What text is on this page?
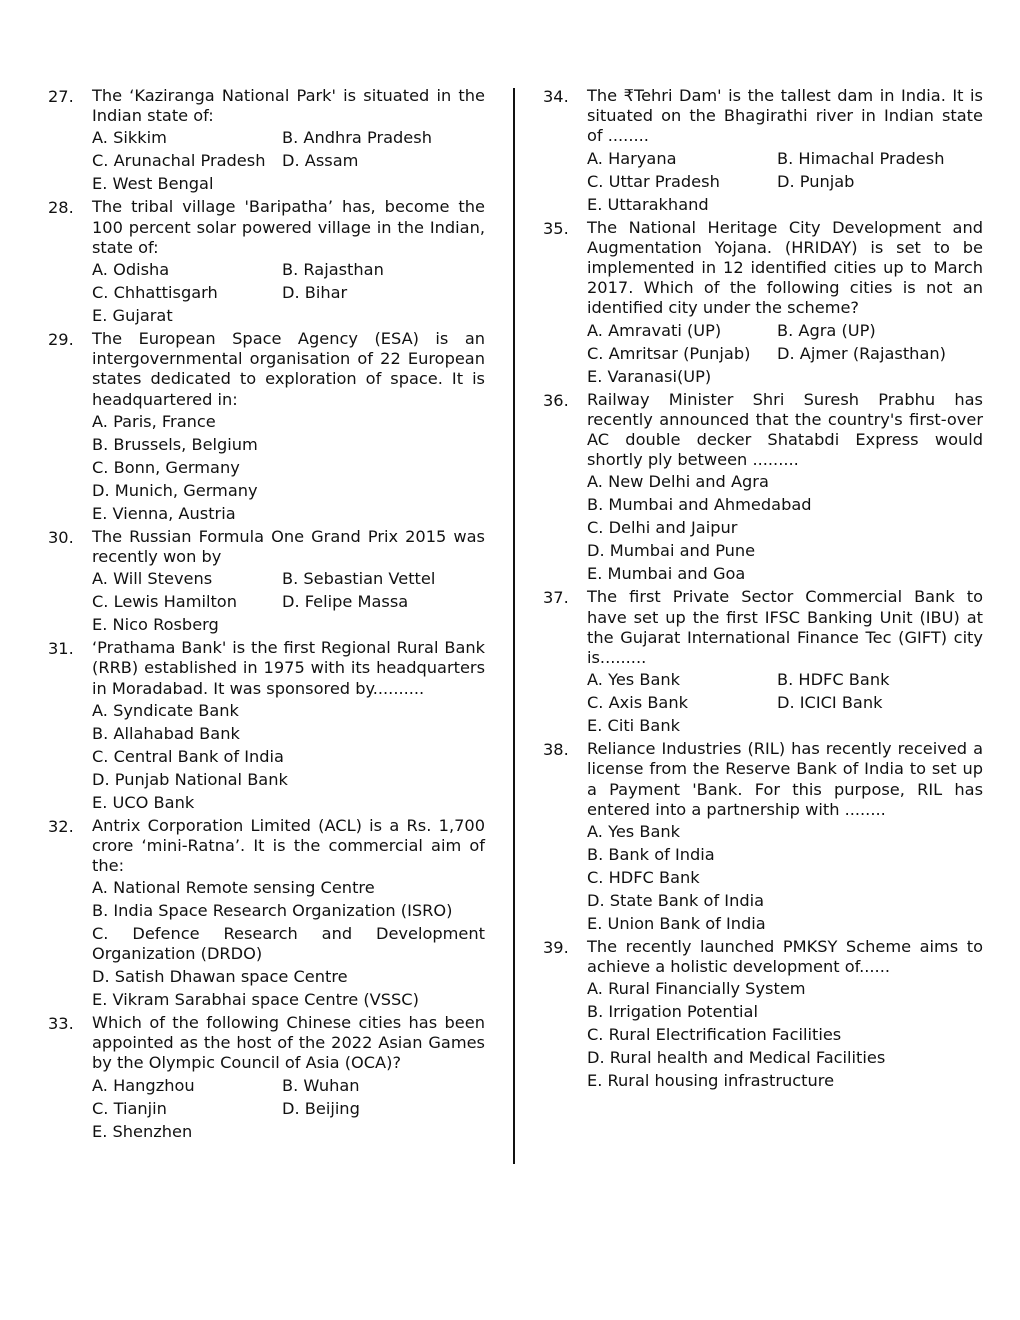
27.	The ‘Kaziranga National Park' is situated in the Indian state of:
A. Sikkim	B. Andhra Pradesh
C. Arunachal Pradesh	D. Assam
E. West Bengal
28.	The tribal village 'Baripatha’ has, become the 100 percent solar powered village in the Indian, state of:
A. Odisha	B. Rajasthan
C. Chhattisgarh	D. Bihar
E. Gujarat
29.	The European Space Agency (ESA) is an intergovernmental organisation of 22 European states dedicated to exploration of space. It is headquartered in:
A. Paris, France
B. Brussels, Belgium
C. Bonn, Germany
D. Munich, Germany
E. Vienna, Austria
30.	The Russian Formula One Grand Prix 2015 was recently won by
A. Will Stevens	B. Sebastian Vettel
C. Lewis Hamilton	D. Felipe Massa
E. Nico Rosberg
31.	‘Prathama Bank' is the first Regional Rural Bank (RRB) established in 1975 with its headquarters in Moradabad. It was sponsored by..........
A. Syndicate Bank
B. Allahabad Bank
C. Central Bank of India
D. Punjab National Bank
E. UCO Bank
32.	Antrix Corporation Limited (ACL) is a Rs. 1,700 crore ‘mini-Ratna’. It is the commercial aim of the:
A. National Remote sensing Centre
B. India Space Research Organization (ISRO)
C. Defence Research and Development Organization (DRDO)
D. Satish Dhawan space Centre
E. Vikram Sarabhai space Centre (VSSC)
33.	Which of the following Chinese cities has been appointed as the host of the 2022 Asian Games by the Olympic Council of Asia (OCA)?
A. Hangzhou	B. Wuhan
C. Tianjin	D. Beijing
E. Shenzhen
34.	The ₹Tehri Dam' is the tallest dam in India. It is situated on the Bhagirathi river in Indian state of ........
A. Haryana	B. Himachal Pradesh
C. Uttar Pradesh	D. Punjab
E. Uttarakhand
35.	The National Heritage City Development and Augmentation Yojana. (HRIDAY) is set to be implemented in 12 identified cities up to March 2017. Which of the following cities is not an identified city under the scheme?
A. Amravati (UP)	B. Agra (UP)
C. Amritsar (Punjab)	D. Ajmer (Rajasthan)
E. Varanasi(UP)
36.	Railway Minister Shri Suresh Prabhu has recently announced that the country's first-over AC double decker Shatabdi Express would shortly ply between .........
A. New Delhi and Agra
B. Mumbai and Ahmedabad
C. Delhi and Jaipur
D. Mumbai and Pune
E. Mumbai and Goa
37.	The first Private Sector Commercial Bank to have set up the first IFSC Banking Unit (IBU) at the Gujarat International Finance Tec (GIFT) city is.........
A. Yes Bank	B. HDFC Bank
C. Axis Bank	D. ICICI Bank
E. Citi Bank
38.	Reliance Industries (RIL) has recently received a license from the Reserve Bank of India to set up a Payment 'Bank. For this purpose, RIL has entered into a partnership with ........
A. Yes Bank
B. Bank of India
C. HDFC Bank
D. State Bank of India
E. Union Bank of India
39.	The recently launched PMKSY Scheme aims to achieve a holistic development of......
A. Rural Financially System
B. Irrigation Potential
C. Rural Electrification Facilities
D. Rural health and Medical Facilities
E. Rural housing infrastructure
